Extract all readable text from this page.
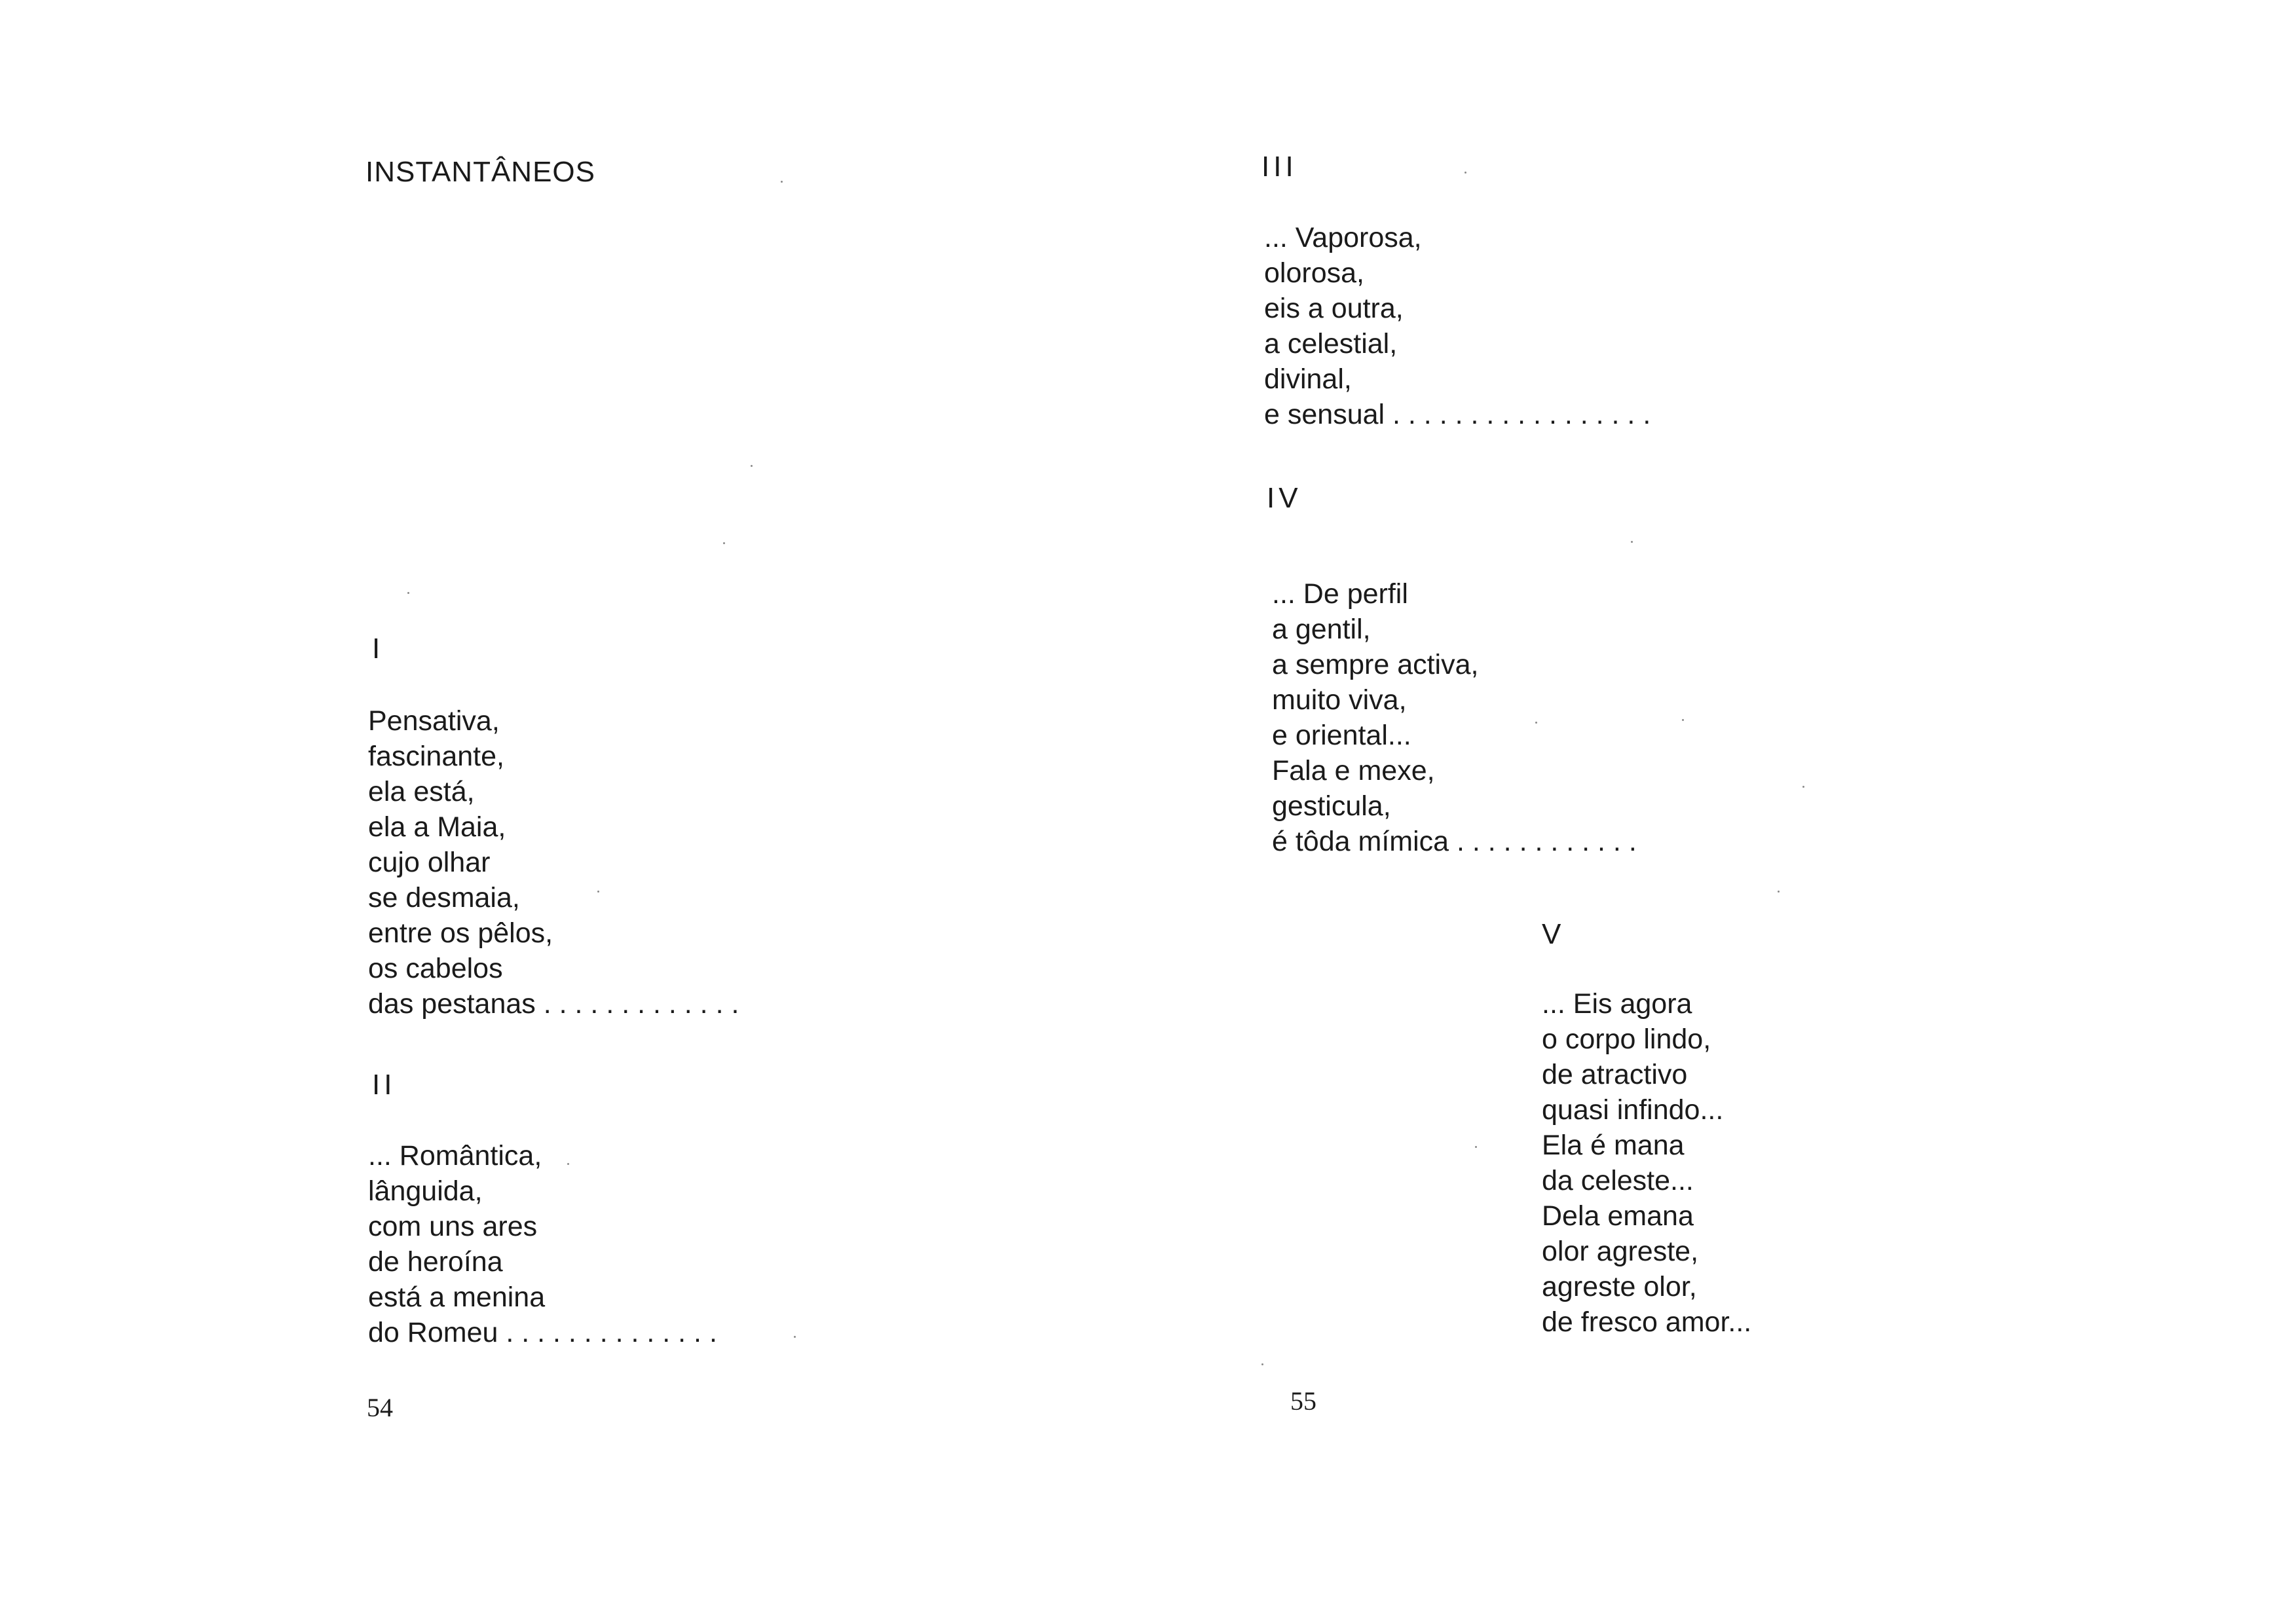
INSTANTÂNEOS
I
Pensativa,
fascinante,
ela está,
ela a Maia,
cujo olhar
se desmaia,
entre os pêlos,
os cabelos
das pestanas . . . . . . . . . . . . .
II
... Romântica,
lânguida,
com uns ares
de heroína
está a menina
do Romeu . . . . . . . . . . . . . .
54
III
... Vaporosa,
olorosa,
eis a outra,
a celestial,
divinal,
e sensual . . . . . . . . . . . . . . . . .
IV
... De perfil
a gentil,
a sempre activa,
muito viva,
e oriental...
Fala e mexe,
gesticula,
é tôda mímica . . . . . . . . . . . .
V
... Eis agora
o corpo lindo,
de atractivo
quasi infindo...
Ela é mana
da celeste...
Dela emana
olor agreste,
agreste olor,
de fresco amor...
55
